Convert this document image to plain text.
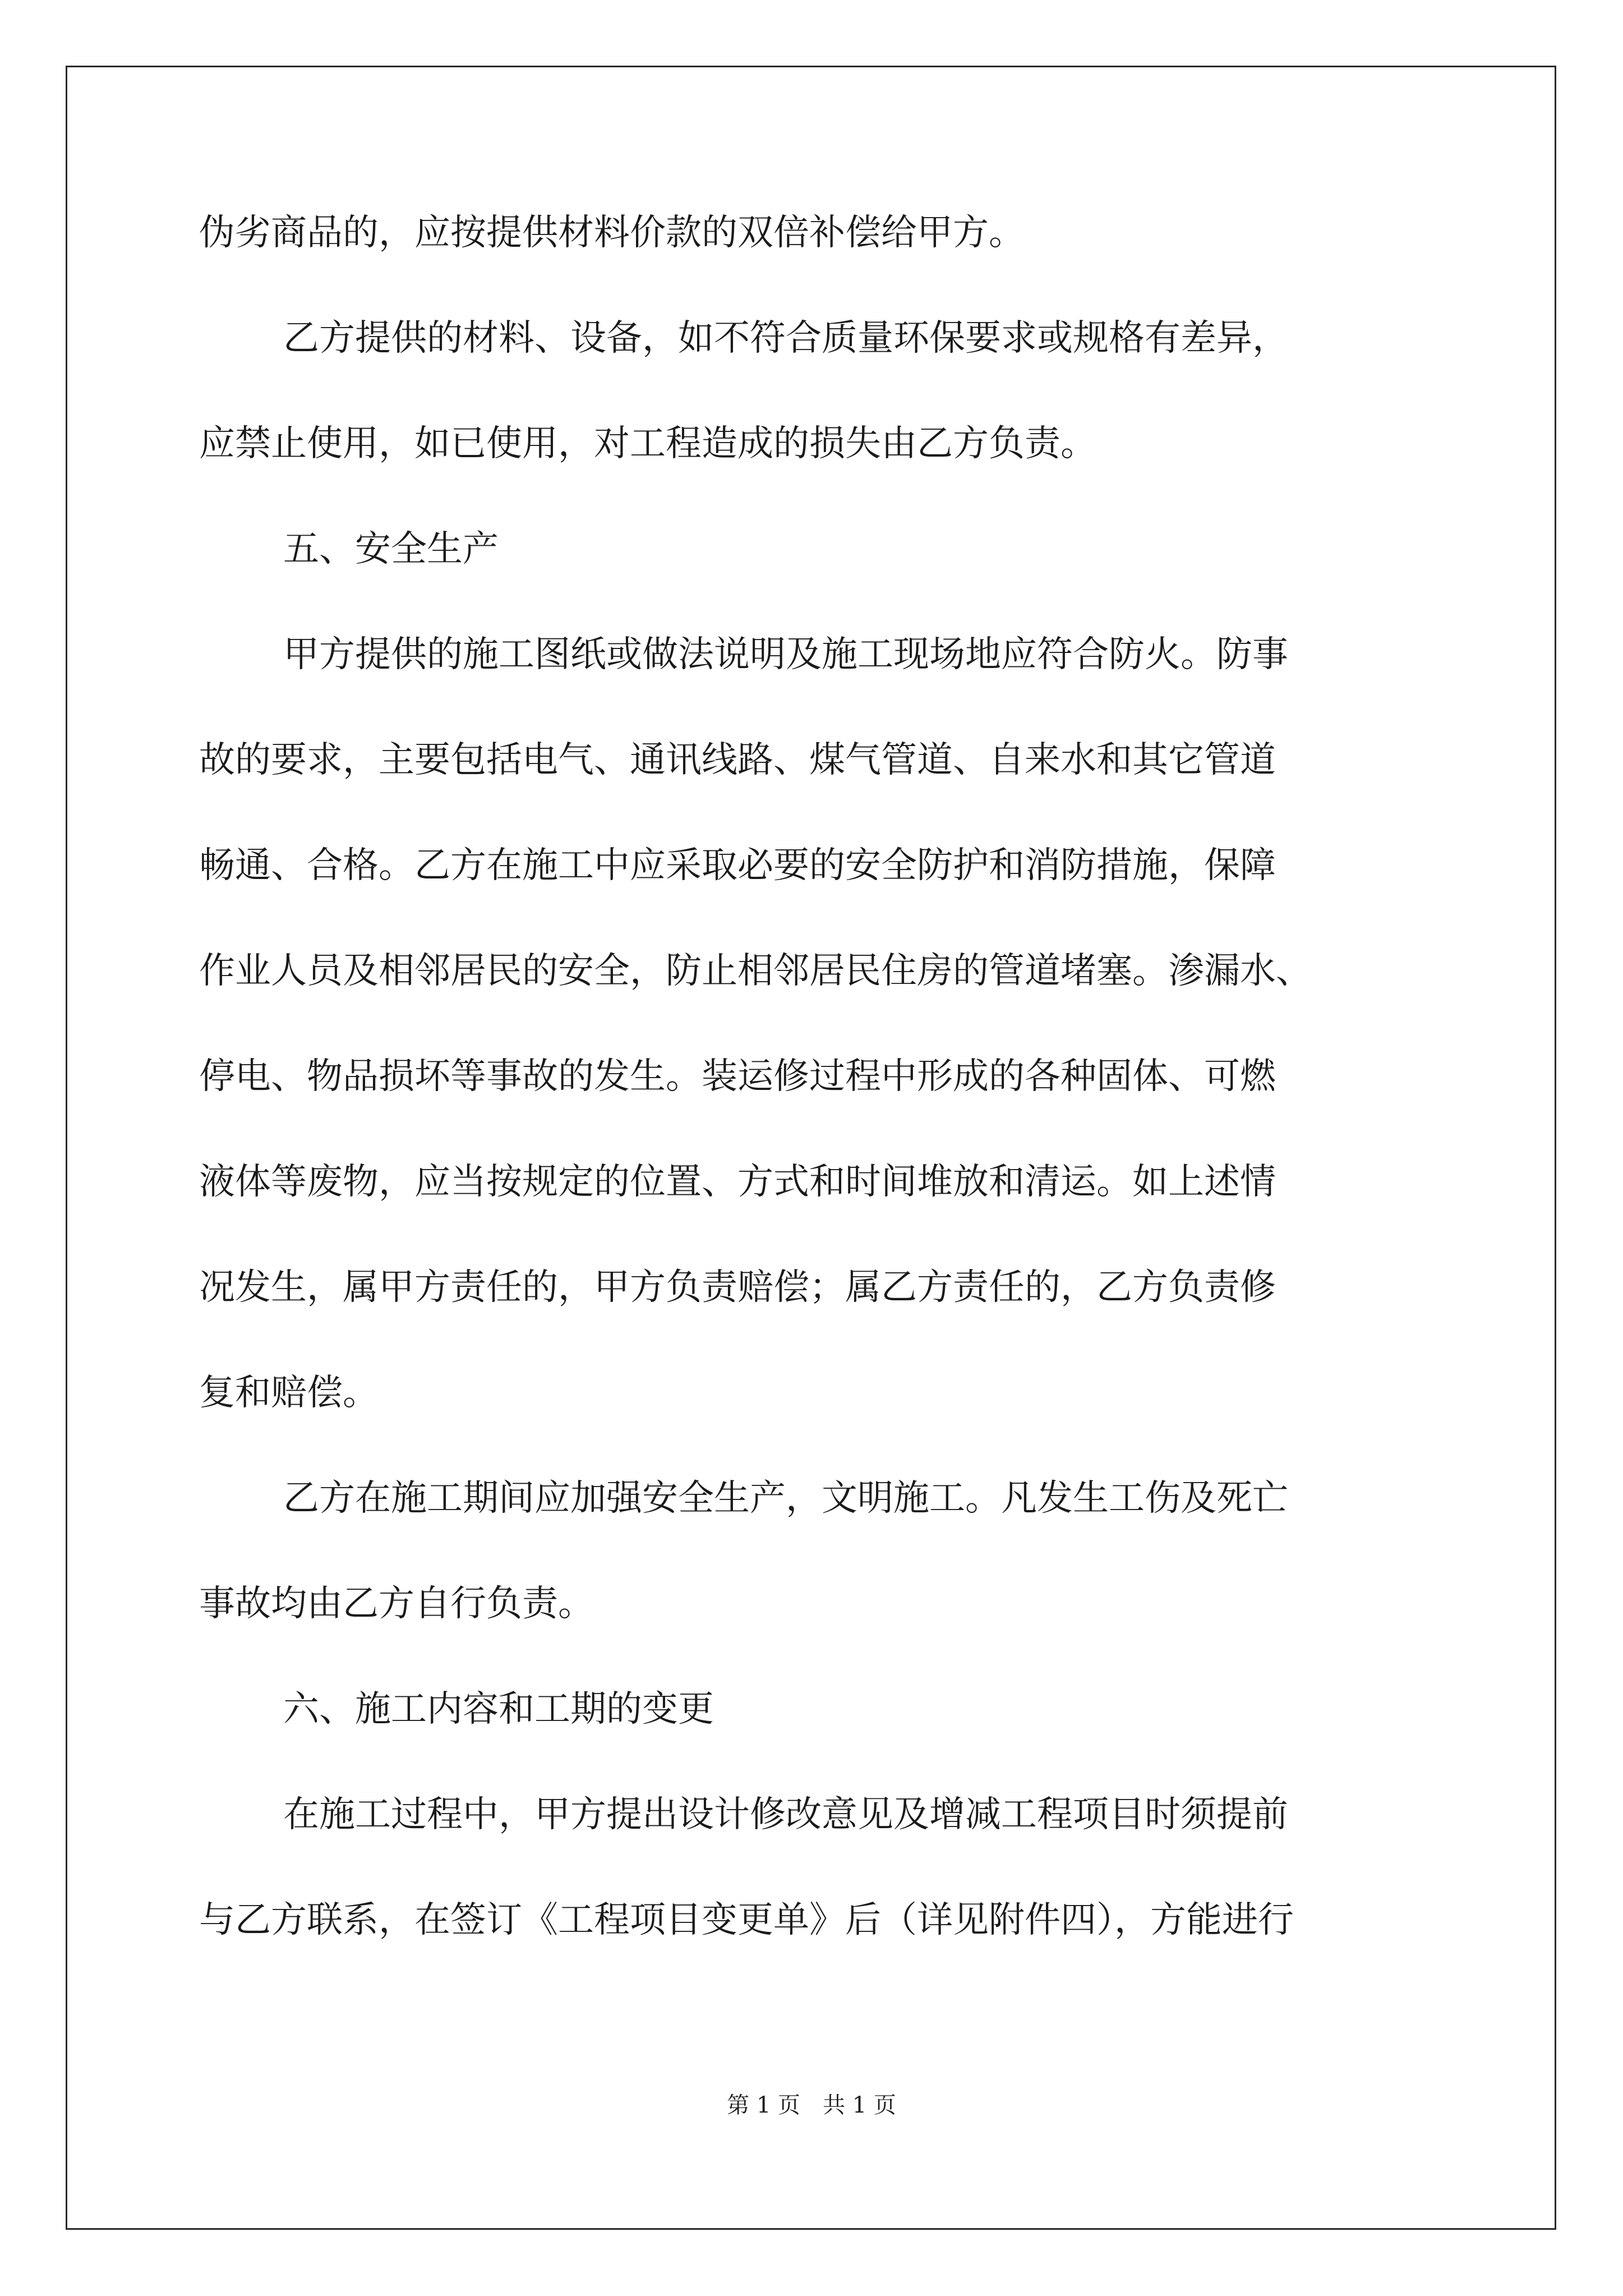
伪劣商品的，应按提供材料价款的双倍补偿给甲方。
乙方提供的材料、设备，如不符合质量环保要求或规格有差异，
应禁止使用，如已使用，对工程造成的损失由乙方负责。
五、安全生产
甲方提供的施工图纸或做法说明及施工现场地应符合防火。防事
故的要求，主要包括电气、通讯线路、煤气管道、自来水和其它管道
畅通、合格。乙方在施工中应采取必要的安全防护和消防措施，保障
作业人员及相邻居民的安全，防止相邻居民住房的管道堵塞。渗漏水、
停电、物品损坏等事故的发生。装运修过程中形成的各种固体、可燃
液体等废物，应当按规定的位置、方式和时间堆放和清运。如上述情
况发生，属甲方责任的，甲方负责赔偿；属乙方责任的，乙方负责修
复和赔偿。
乙方在施工期间应加强安全生产，文明施工。凡发生工伤及死亡
事故均由乙方自行负责。
六、施工内容和工期的变更
在施工过程中，甲方提出设计修改意见及增减工程项目时须提前
与乙方联系，在签订《工程项目变更单》后（详见附件四），方能进行
第 1 页　共 1 页
